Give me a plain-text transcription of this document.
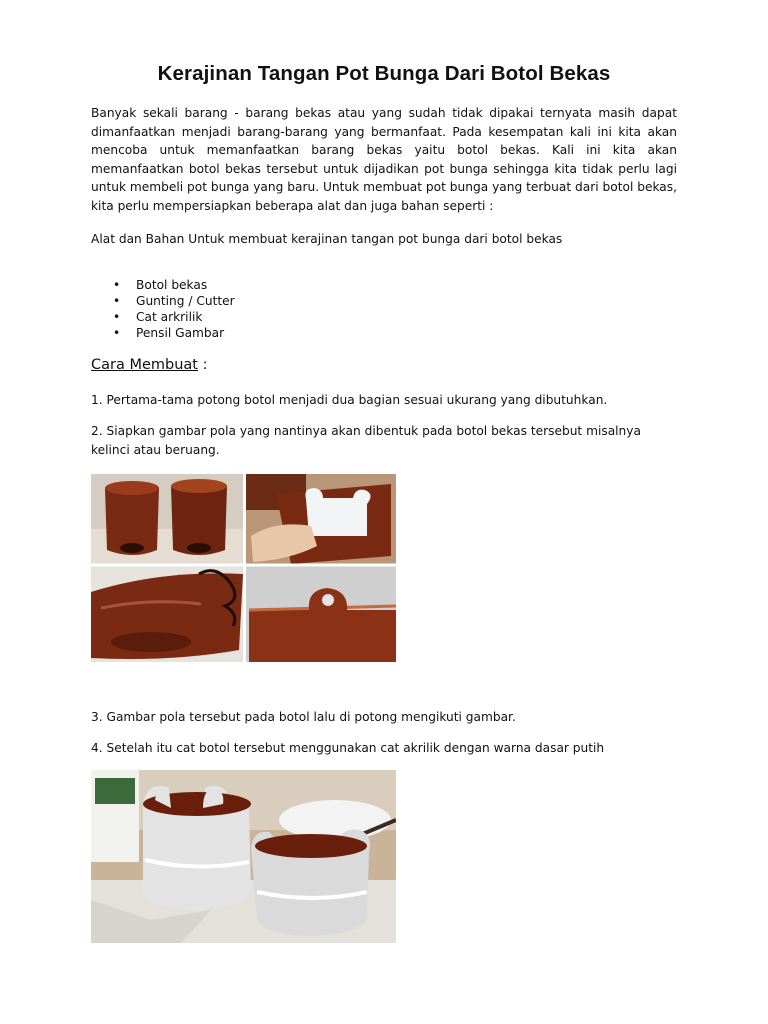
Kerajinan Tangan Pot Bunga Dari Botol Bekas

Banyak sekali barang - barang bekas atau yang sudah tidak dipakai ternyata masih dapat dimanfaatkan menjadi barang-barang yang bermanfaat. Pada kesempatan kali ini kita akan mencoba untuk memanfaatkan barang bekas yaitu botol bekas. Kali ini kita akan memanfaatkan botol bekas tersebut untuk dijadikan pot bunga sehingga kita tidak perlu lagi untuk membeli pot bunga yang baru. Untuk membuat pot bunga yang terbuat dari botol bekas, kita perlu mempersiapkan beberapa alat dan juga bahan seperti :

Alat dan Bahan Untuk membuat kerajinan tangan pot bunga dari botol bekas

• Botol bekas
• Gunting / Cutter
• Cat arkrilik
• Pensil Gambar
Cara Membuat :

1. Pertama-tama potong botol menjadi dua bagian sesuai ukurang yang dibutuhkan.

2. Siapkan gambar pola yang nantinya akan dibentuk pada botol bekas tersebut misalnya kelinci atau beruang.

3. Gambar pola tersebut pada botol lalu di potong mengikuti gambar.

4. Setelah itu cat botol tersebut menggunakan cat akrilik dengan warna dasar putih
